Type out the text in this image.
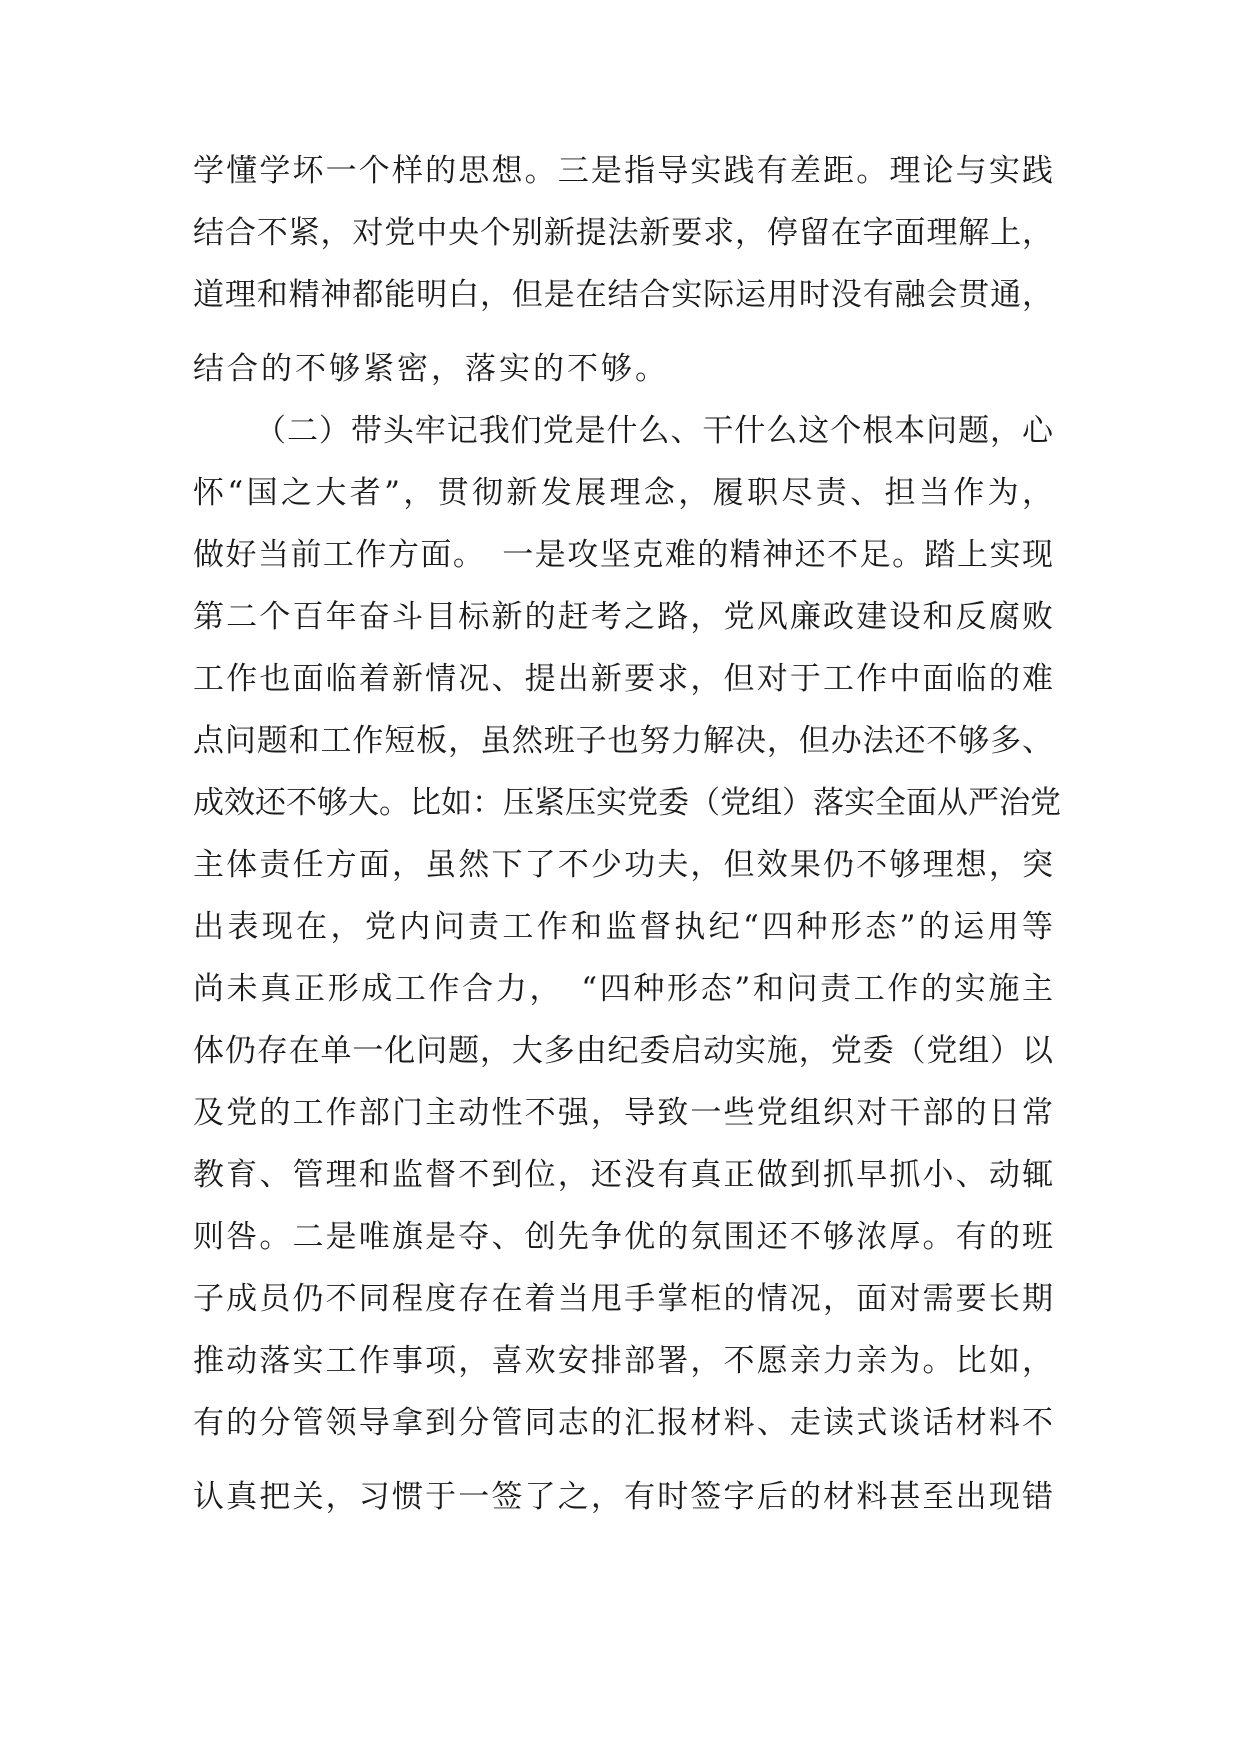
学懂学坏一个样的思想。三是指导实践有差距。理论与实践
结合不紧，对党中央个别新提法新要求，停留在字面理解上，
道理和精神都能明白，但是在结合实际运用时没有融会贯通，
结合的不够紧密，落实的不够。
（二）带头牢记我们党是什么、干什么这个根本问题，心
怀“国之大者”，贯彻新发展理念，履职尽责、担当作为，
做好当前工作方面。　一是攻坚克难的精神还不足。踏上实现
第二个百年奋斗目标新的赶考之路，党风廉政建设和反腐败
工作也面临着新情况、提出新要求，但对于工作中面临的难
点问题和工作短板，虽然班子也努力解决，但办法还不够多、
成效还不够大。比如：压紧压实党委（党组）落实全面从严治党
主体责任方面，虽然下了不少功夫，但效果仍不够理想，突
出表现在，党内问责工作和监督执纪“四种形态”的运用等
尚未真正形成工作合力，　“四种形态”和问责工作的实施主
体仍存在单一化问题，大多由纪委启动实施，党委（党组）以
及党的工作部门主动性不强，导致一些党组织对干部的日常
教育、管理和监督不到位，还没有真正做到抓早抓小、动辄
则咎。二是唯旗是夺、创先争优的氛围还不够浓厚。有的班
子成员仍不同程度存在着当甩手掌柜的情况，面对需要长期
推动落实工作事项，喜欢安排部署，不愿亲力亲为。比如，
有的分管领导拿到分管同志的汇报材料、走读式谈话材料不
认真把关，习惯于一签了之，有时签字后的材料甚至出现错
